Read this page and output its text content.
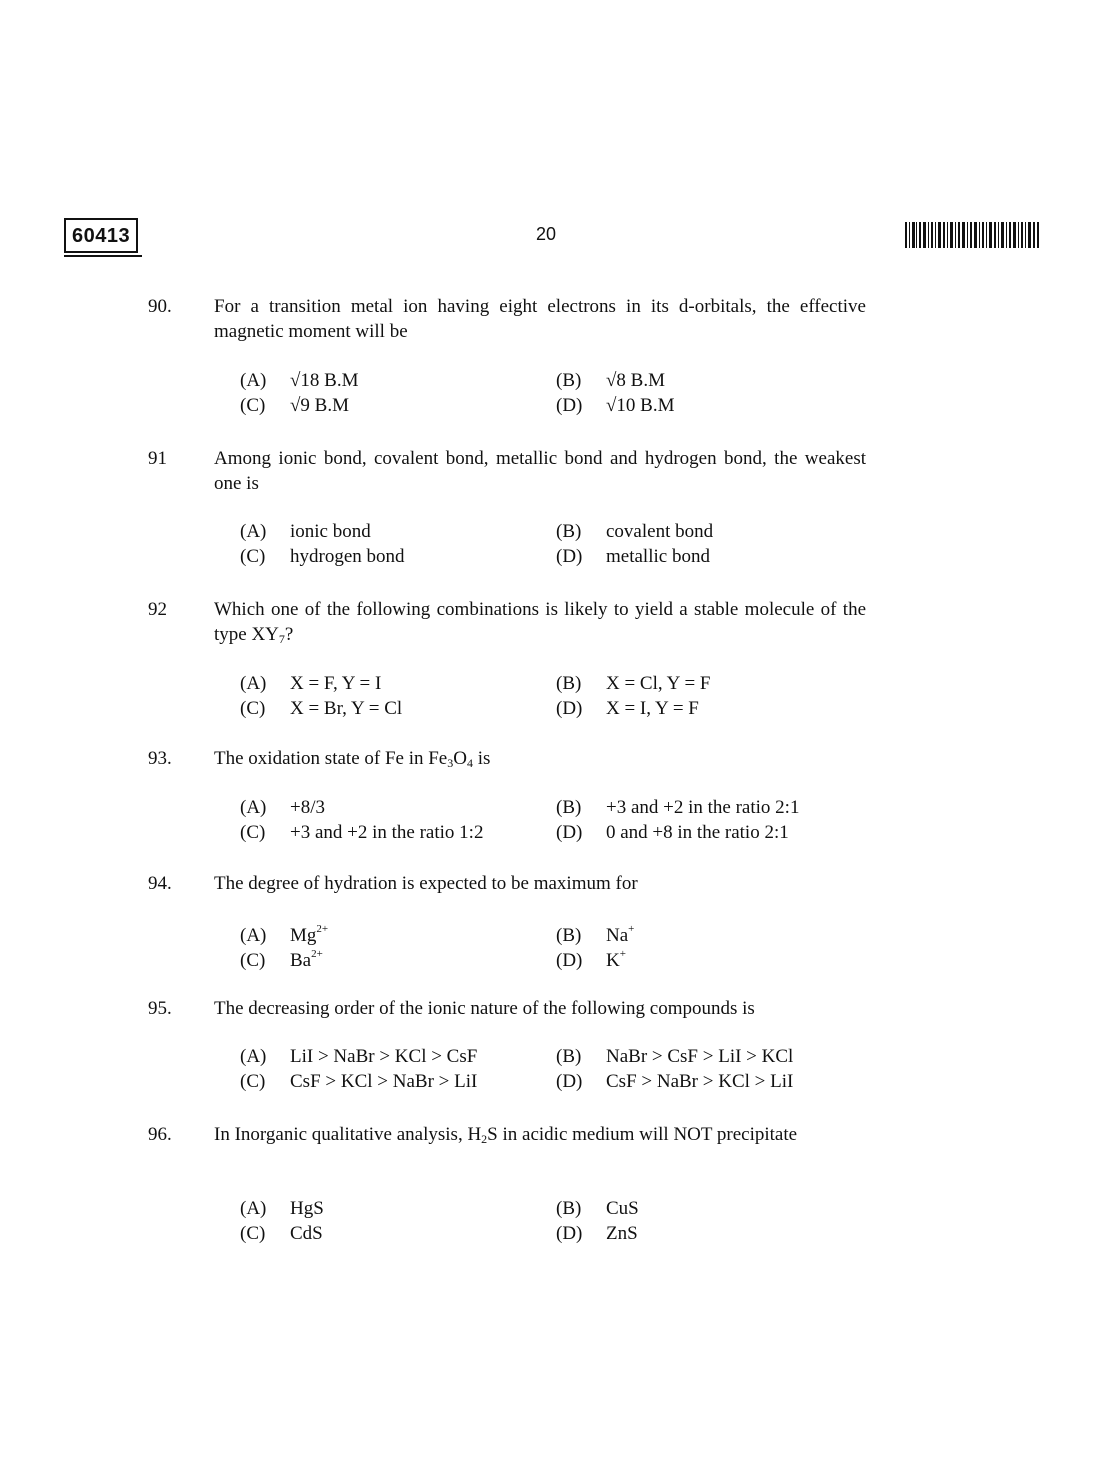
60413	20
90. For a transition metal ion having eight electrons in its d-orbitals, the effective magnetic moment will be
(A) √18 B.M	(B) √8 B.M
(C) √9 B.M	(D) √10 B.M
91 Among ionic bond, covalent bond, metallic bond and hydrogen bond, the weakest one is
(A) ionic bond	(B) covalent bond
(C) hydrogen bond	(D) metallic bond
92 Which one of the following combinations is likely to yield a stable molecule of the type $XY_7$?
(A) X = F, Y = I	(B) X = Cl, Y = F
(C) X = Br, Y = Cl	(D) X = I, Y = F
93. The oxidation state of Fe in $Fe_3O_4$ is
(A) +8/3	(B) +3 and +2 in the ratio 2:1
(C) +3 and +2 in the ratio 1:2	(D) 0 and +8 in the ratio 2:1
94. The degree of hydration is expected to be maximum for
(A) $Mg^{2+}$	(B) Na+
(C) $Ba^{2+}$	(D) K+
95. The decreasing order of the ionic nature of the following compounds is
(A) LiI > NaBr > KCl > CsF	(B) NaBr > CsF > LiI > KCl
(C) CsF > KCl > NaBr > LiI	(D) CsF > NaBr > KCl > LiI
96. In Inorganic qualitative analysis, $H_2S$ in acidic medium will NOT precipitate
(A) HgS	(B) CuS
(C) CdS	(D) ZnS
